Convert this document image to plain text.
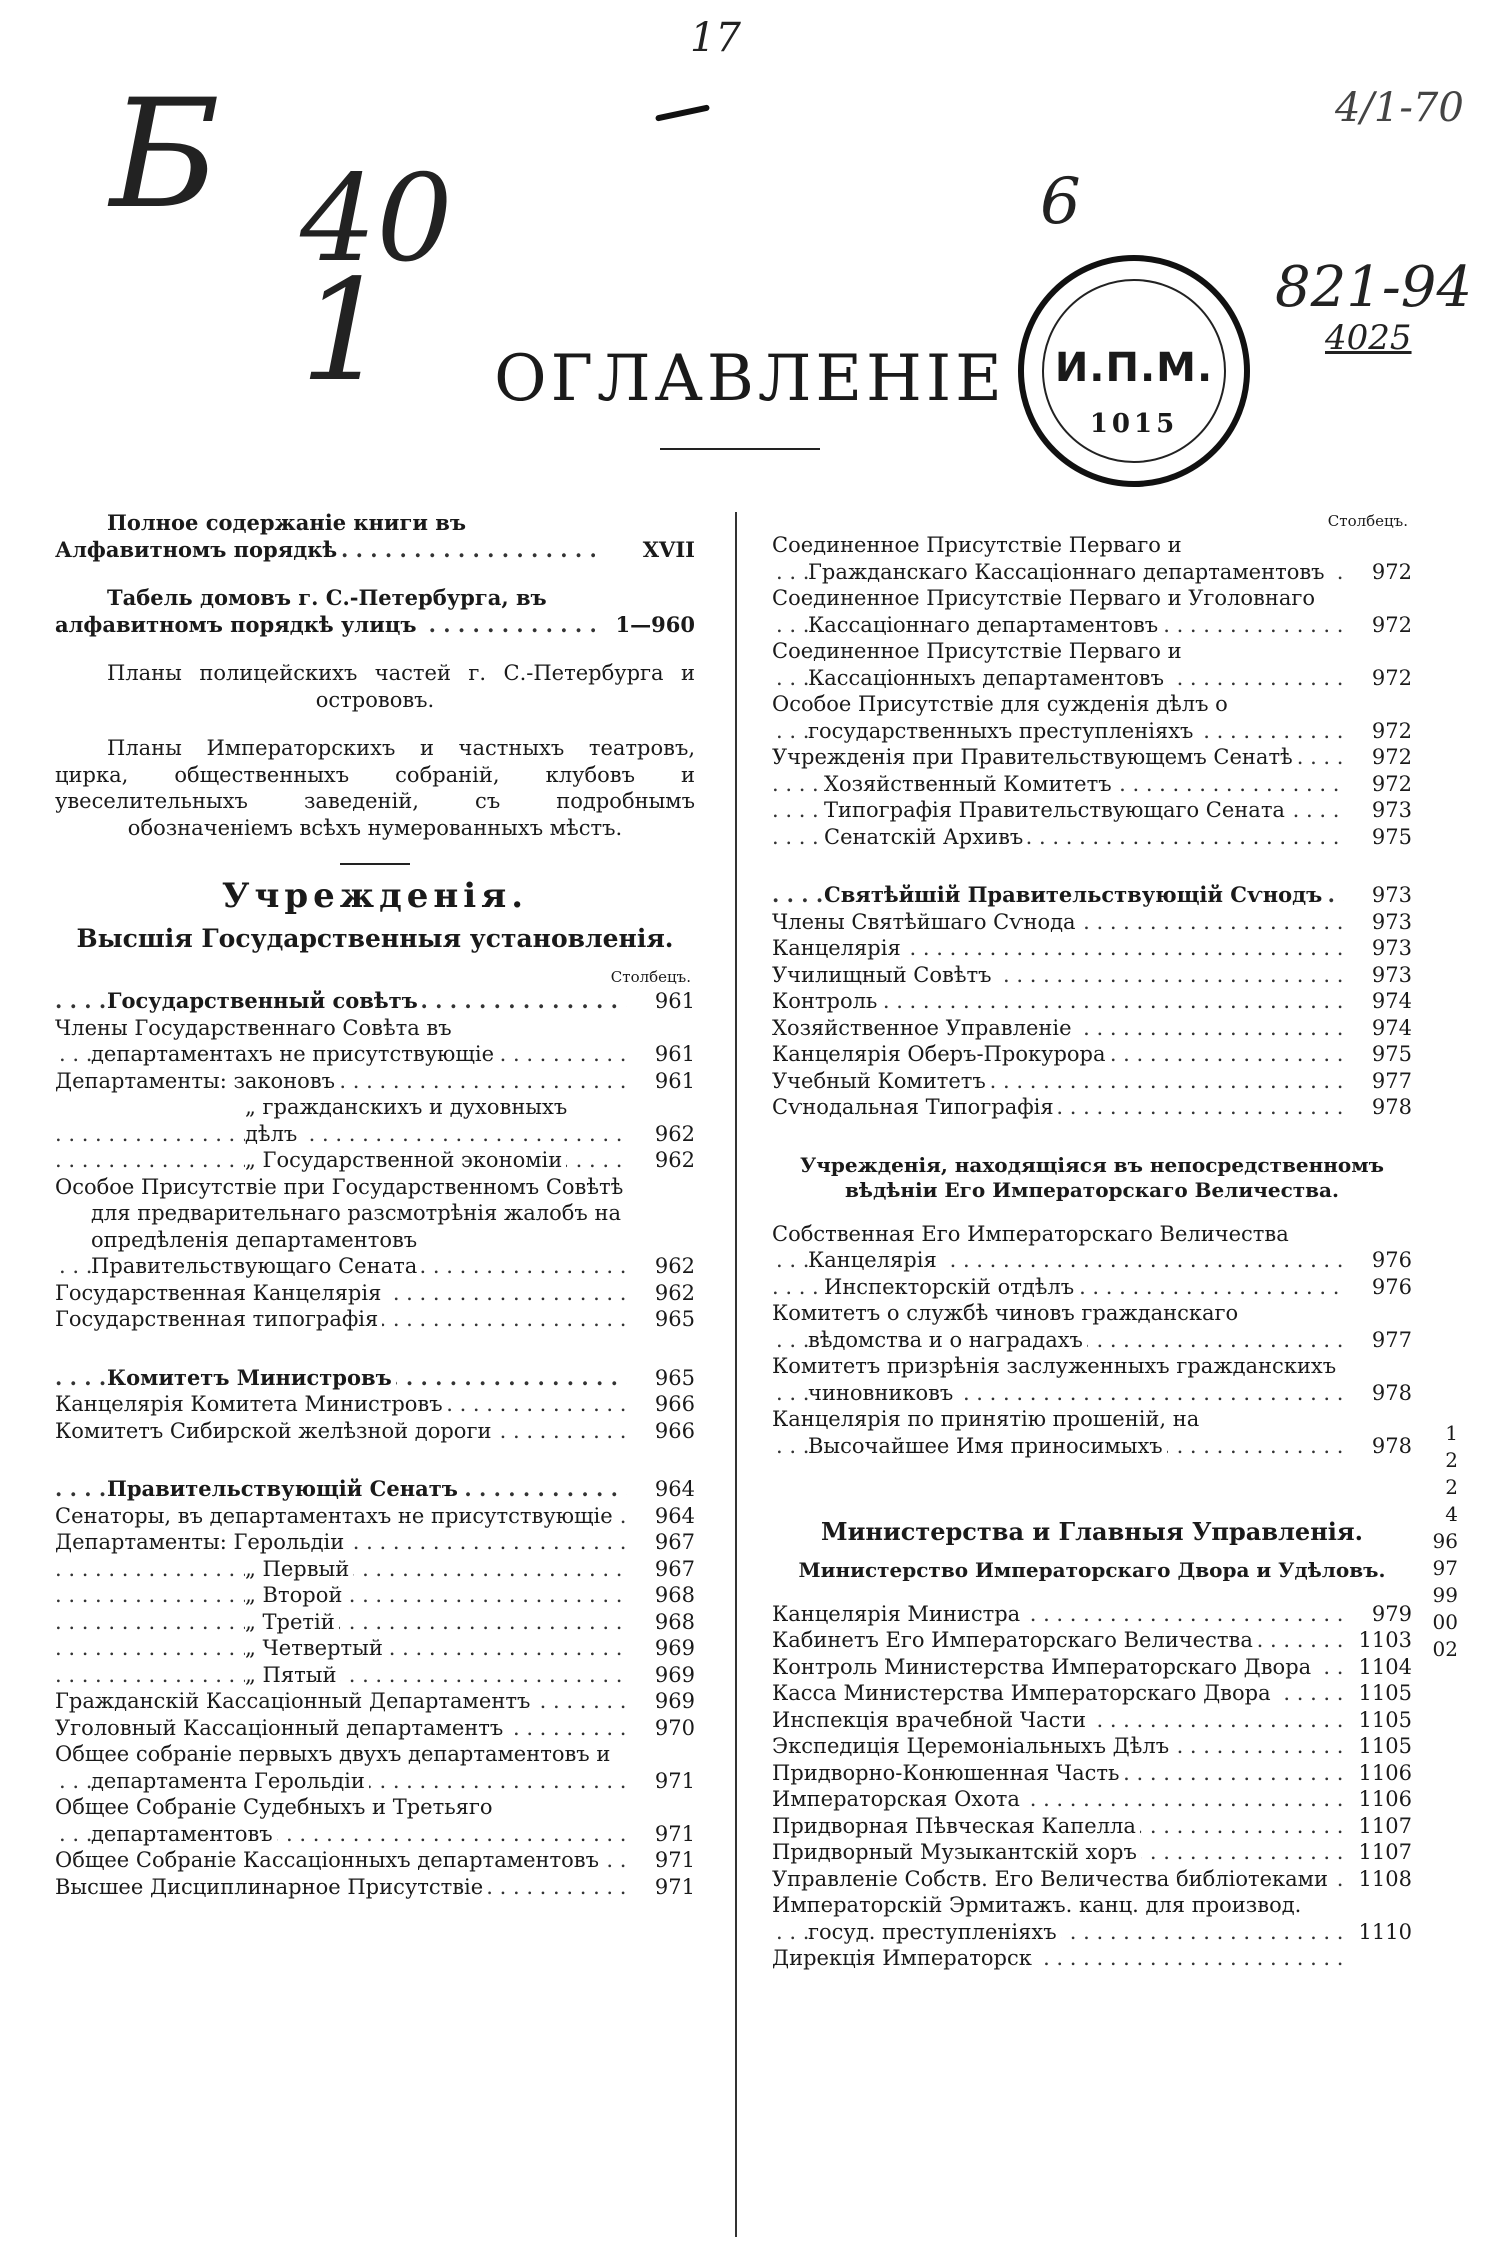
Б 40
1
17
6
4/1-70
821-94
4025
И.П.М.
1015
ОГЛАВЛЕНІЕ
Полное содержаніе книги въ Алфавитномъ порядкѣ . . .	XVII
Табель домовъ г. С.-Петербурга, въ алфавитномъ порядкѣ улицъ . . .	1—960
Планы полицейскихъ частей г. С.-Петербурга и острововъ.
Планы Императорскихъ и частныхъ театровъ, цирка, общественныхъ собраній, клубовъ и увеселительныхъ заведеній, съ подробнымъ обозначеніемъ всѣхъ нумерованныхъ мѣстъ.
Учрежденія.
Высшія Государственныя установленія.
Столбецъ.
Государственный совѣтъ . . .	961
Члены Государственнаго Совѣта въ департаментахъ не присутствующіе . . .	961
Департаменты: законовъ . . .	961
„ гражданскихъ и духовныхъ дѣлъ . . .	962
„ Государственной экономіи . . .	962
Особое Присутствіе при Государственномъ Совѣтѣ для предварительнаго разсмотрѣнія жалобъ на опредѣленія департаментовъ Правительствующаго Сената . . .	962
Государственная Канцелярія . . .	962
Государственная типографія . . .	965
Комитетъ Министровъ . . .	965
Канцелярія Комитета Министровъ . . .	966
Комитетъ Сибирской желѣзной дороги . . .	966
Правительствующій Сенатъ . . .	964
Сенаторы, въ департаментахъ не присутствующіе . . .	964
Департаменты: Герольдіи . . .	967
„ Первый . . .	967
„ Второй . . .	968
„ Третій . . .	968
„ Четвертый . . .	969
„ Пятый . . .	969
Гражданскій Кассаціонный Департаментъ . . .	969
Уголовный Кассаціонный департаментъ . . .	970
Общее собраніе первыхъ двухъ департаментовъ и департамента Герольдіи . . .	971
Общее Собраніе Судебныхъ и Третьяго департаментовъ . . .	971
Общее Собраніе Кассаціонныхъ департаментовъ . . .	971
Высшее Дисциплинарное Присутствіе . . .	971
Столбецъ.
Соединенное Присутствіе Перваго и Гражданскаго Кассаціоннаго департаментовъ . . .	972
Соединенное Присутствіе Перваго и Уголовнаго Кассаціоннаго департаментовъ . . .	972
Соединенное Присутствіе Перваго и Кассаціонныхъ департаментовъ . . .	972
Особое Присутствіе для сужденія дѣлъ о государственныхъ преступленіяхъ . . .	972
Учрежденія при Правительствующемъ Сенатѣ . . .	972
Хозяйственный Комитетъ . . .	972
Типографія Правительствующаго Сената . . .	973
Сенатскій Архивъ . . .	975
Святѣйшій Правительствующій Сѵнодъ . . .	973
Члены Святѣйшаго Сѵнода . . .	973
Канцелярія . . .	973
Училищный Совѣтъ . . .	973
Контроль . . .	974
Хозяйственное Управленіе . . .	974
Канцелярія Оберъ-Прокурора . . .	975
Учебный Комитетъ . . .	977
Сѵнодальная Типографія . . .	978
Учрежденія, находящіяся въ непосредственномъ вѣдѣніи Его Императорскаго Величества.
Собственная Его Императорскаго Величества Канцелярія . . .	976
Инспекторскій отдѣлъ . . .	976
Комитетъ о службѣ чиновъ гражданскаго вѣдомства и о наградахъ . . .	977
Комитетъ призрѣнія заслуженныхъ гражданскихъ чиновниковъ . . .	978
Канцелярія по принятію прошеній, на Высочайшее Имя приносимыхъ . . .	978
Министерства и Главныя Управленія.
Министерство Императорскаго Двора и Удѣловъ.
Канцелярія Министра . . .	979
Кабинетъ Его Императорскаго Величества . . .	1103
Контроль Министерства Императорскаго Двора . . .	1104
Касса Министерства Императорскаго Двора . . .	1105
Инспекція врачебной Части . . .	1105
Экспедиція Церемоніальныхъ Дѣлъ . . .	1105
Придворно-Конюшенная Часть . . .	1106
Императорская Охота . . .	1106
Придворная Пѣвческая Капелла . . .	1107
Придворный Музыкантскій хоръ . . .	1107
Управленіе Собств. Его Величества библіотеками . . .	1108
Императорскій Эрмитажъ. канц. для производ. госуд. преступленіяхъ . . .	1110
Дирекція Императорск . . .
1
2
2
4
96
97
99
00
02
